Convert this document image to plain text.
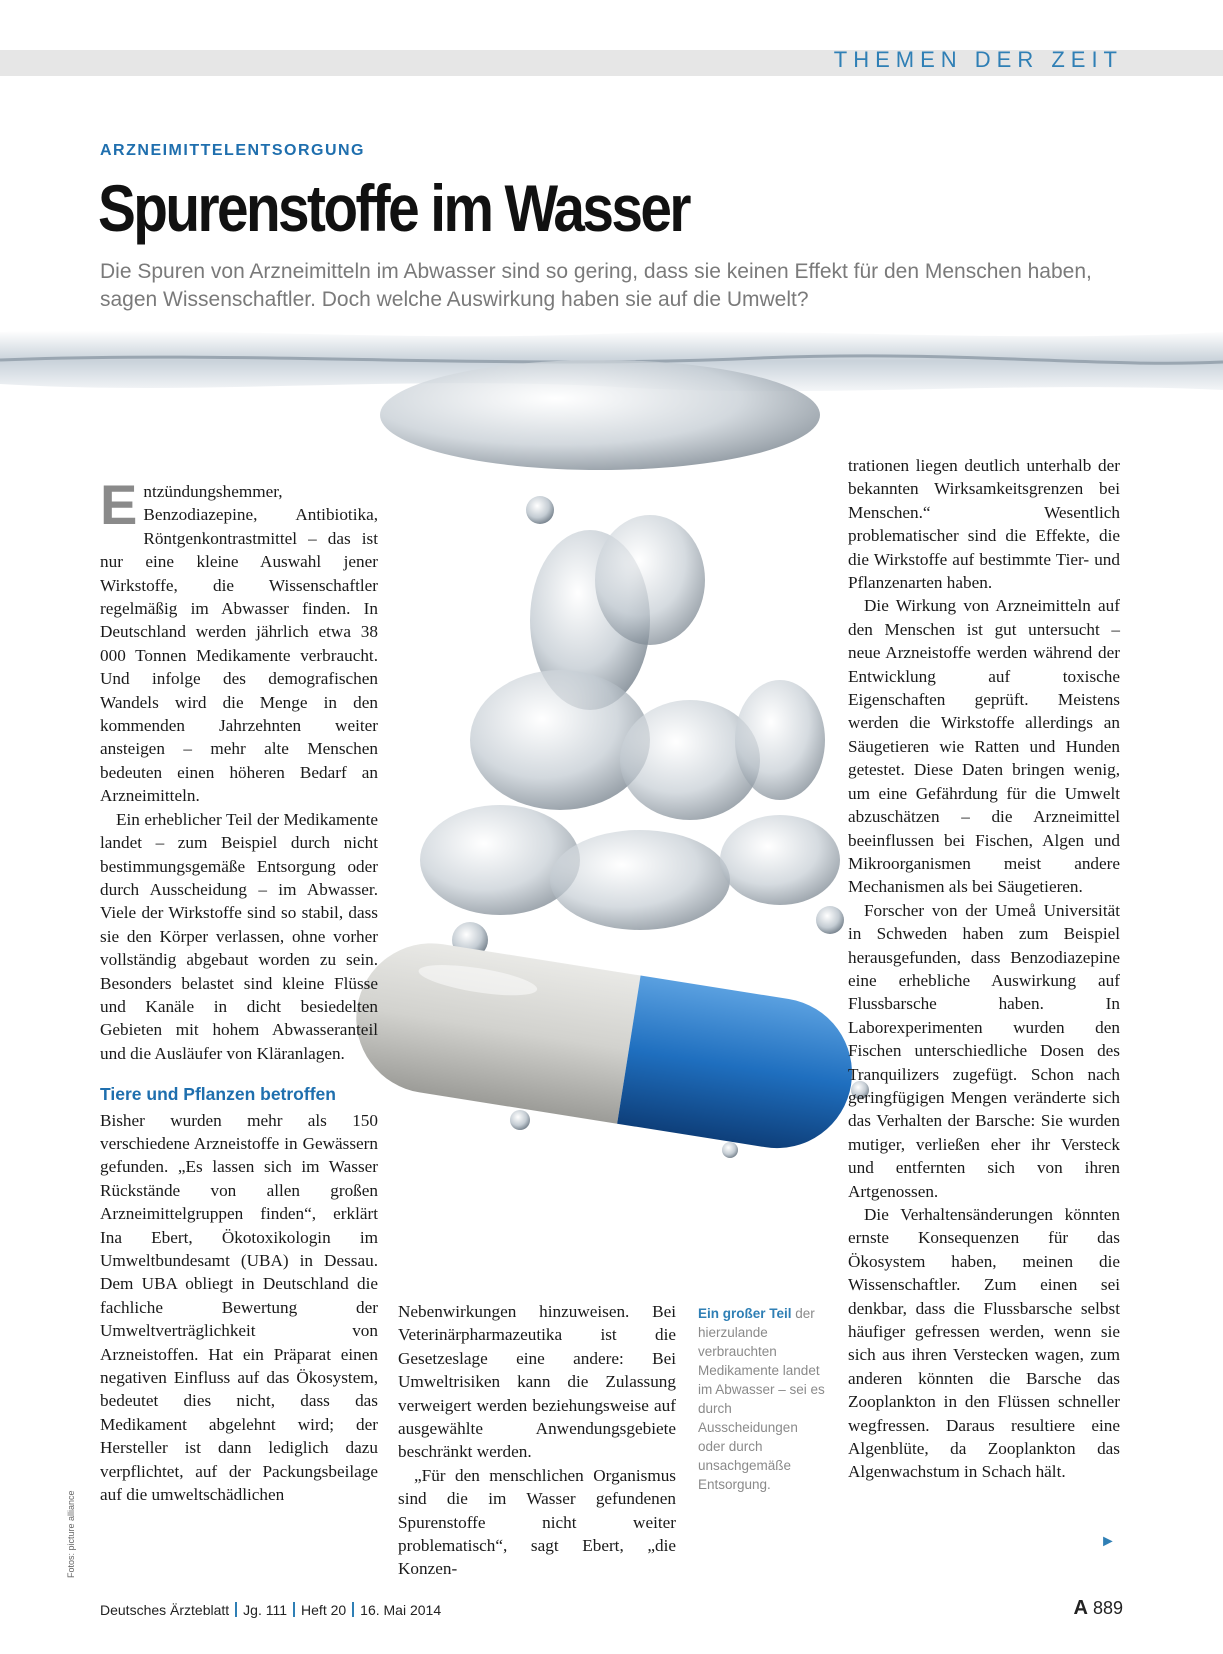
THEMEN DER ZEIT
ARZNEIMITTELENTSORGUNG
Spurenstoffe im Wasser
Die Spuren von Arzneimitteln im Abwasser sind so gering, dass sie keinen Effekt für den Menschen haben, sagen Wissenschaftler. Doch welche Auswirkung haben sie auf die Umwelt?

E ntzündungshemmer, Benzodiazepine, Antibiotika, Röntgenkontrastmittel – das ist nur eine kleine Auswahl jener Wirkstoffe, die Wissenschaftler regelmäßig im Abwasser finden. In Deutschland werden jährlich etwa 38 000 Tonnen Medikamente verbraucht. Und infolge des demografischen Wandels wird die Menge in den kommenden Jahrzehnten weiter ansteigen – mehr alte Menschen bedeuten einen höheren Bedarf an Arzneimitteln.

Ein erheblicher Teil der Medikamente landet – zum Beispiel durch nicht bestimmungsgemäße Entsorgung oder durch Ausscheidung – im Abwasser. Viele der Wirkstoffe sind so stabil, dass sie den Körper verlassen, ohne vorher vollständig abgebaut worden zu sein. Besonders belastet sind kleine Flüsse und Kanäle in dicht besiedelten Gebieten mit hohem Abwasseranteil und die Ausläufer von Kläranlagen.

Tiere und Pflanzen betroffen

Bisher wurden mehr als 150 verschiedene Arzneistoffe in Gewässern gefunden. „Es lassen sich im Wasser Rückstände von allen großen Arzneimittelgruppen finden“, erklärt Ina Ebert, Ökotoxikologin im Umweltbundesamt (UBA) in Dessau. Dem UBA obliegt in Deutschland die fachliche Bewertung der Umweltverträglichkeit von Arzneistoffen. Hat ein Präparat einen negativen Einfluss auf das Ökosystem, bedeutet dies nicht, dass das Medikament abgelehnt wird; der Hersteller ist dann lediglich dazu verpflichtet, auf der Packungsbeilage auf die umweltschädlichen

Nebenwirkungen hinzuweisen. Bei Veterinärpharmazeutika ist die Gesetzeslage eine andere: Bei Umweltrisiken kann die Zulassung verweigert werden beziehungsweise auf ausgewählte Anwendungsgebiete beschränkt werden.

„Für den menschlichen Organismus sind die im Wasser gefundenen Spurenstoffe nicht weiter problematisch“, sagt Ebert, „die Konzen-

Ein großer Teil der hierzulande verbrauchten Medikamente landet im Abwasser – sei es durch Ausscheidungen oder durch unsachgemäße Entsorgung.

trationen liegen deutlich unterhalb der bekannten Wirksamkeitsgrenzen bei Menschen.“ Wesentlich problematischer sind die Effekte, die die Wirkstoffe auf bestimmte Tier- und Pflanzenarten haben.

Die Wirkung von Arzneimitteln auf den Menschen ist gut untersucht – neue Arzneistoffe werden während der Entwicklung auf toxische Eigenschaften geprüft. Meistens werden die Wirkstoffe allerdings an Säugetieren wie Ratten und Hunden getestet. Diese Daten bringen wenig, um eine Gefährdung für die Umwelt abzuschätzen – die Arzneimittel beeinflussen bei Fischen, Algen und Mikroorganismen meist andere Mechanismen als bei Säugetieren.

Forscher von der Umeå Universität in Schweden haben zum Beispiel herausgefunden, dass Benzodiazepine eine erhebliche Auswirkung auf Flussbarsche haben. In Laborexperimenten wurden den Fischen unterschiedliche Dosen des Tranquilizers zugefügt. Schon nach geringfügigen Mengen veränderte sich das Verhalten der Barsche: Sie wurden mutiger, verließen eher ihr Versteck und entfernten sich von ihren Artgenossen.

Die Verhaltensänderungen könnten ernste Konsequenzen für das Ökosystem haben, meinen die Wissenschaftler. Zum einen sei denkbar, dass die Flussbarsche selbst häufiger gefressen werden, wenn sie sich aus ihren Verstecken wagen, zum anderen könnten die Barsche das Zooplankton in den Flüssen schneller wegfressen. Daraus resultiere eine Algenblüte, da Zooplankton das Algenwachstum in Schach hält.

►
Fotos: picture alliance
Deutsches Ärzteblatt Jg. 111 Heft 20 16. Mai 2014	A 889
